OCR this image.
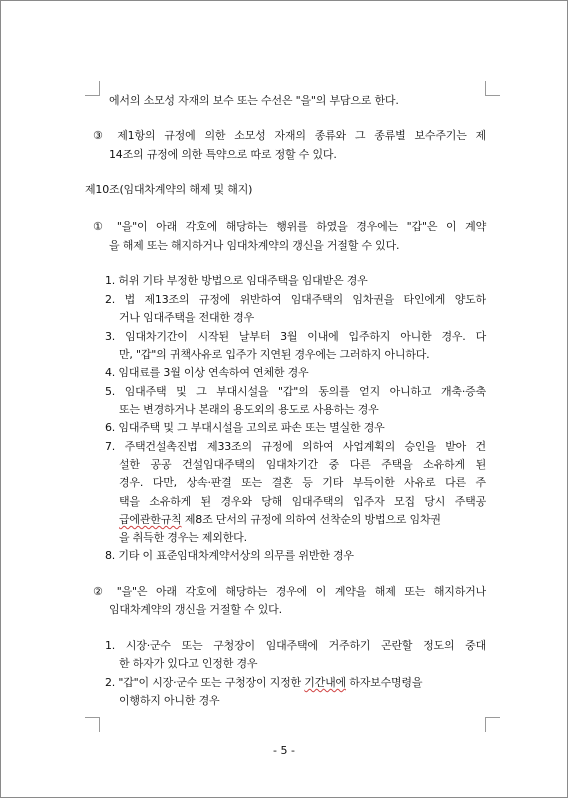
에서의 소모성 자재의 보수 또는 수선은 "을"의 부담으로 한다.
③ 제1항의 규정에 의한 소모성 자재의 종류와 그 종류별 보수주기는 제
14조의 규정에 의한 특약으로 따로 정할 수 있다.
제10조(임대차계약의 해제 및 해지)
① "을"이 아래 각호에 해당하는 행위를 하였을 경우에는 "갑"은 이 계약
을 해제 또는 해지하거나 임대차계약의 갱신을 거절할 수 있다.
1. 허위 기타 부정한 방법으로 임대주택을 임대받은 경우
2. 법 제13조의 규정에 위반하여 임대주택의 임차권을 타인에게 양도하
거나 임대주택을 전대한 경우
3. 임대차기간이 시작된 날부터 3월 이내에 입주하지 아니한 경우. 다
만, "갑"의 귀책사유로 입주가 지연된 경우에는 그러하지 아니하다.
4. 임대료를 3월 이상 연속하여 연체한 경우
5. 임대주택 및 그 부대시설을 "갑"의 동의를 얻지 아니하고 개축·증축
또는 변경하거나 본래의 용도외의 용도로 사용하는 경우
6. 임대주택 및 그 부대시설을 고의로 파손 또는 멸실한 경우
7. 주택건설촉진법 제33조의 규정에 의하여 사업계획의 승인을 받아 건
설한 공공 건설임대주택의 임대차기간 중 다른 주택을 소유하게 된
경우. 다만, 상속·판결 또는 결혼 등 기타 부득이한 사유로 다른 주
택을 소유하게 된 경우와 당해 임대주택의 입주자 모집 당시 주택공
급에관한규칙 제8조 단서의 규정에 의하여 선착순의 방법으로 임차권
을 취득한 경우는 제외한다.
8. 기타 이 표준임대차계약서상의 의무를 위반한 경우
② "을"은 아래 각호에 해당하는 경우에 이 계약을 해제 또는 해지하거나
임대차계약의 갱신을 거절할 수 있다.
1. 시장·군수 또는 구청장이 임대주택에 거주하기 곤란할 정도의 중대
한 하자가 있다고 인정한 경우
2. "갑"이 시장·군수 또는 구청장이 지정한 기간내에 하자보수명령을
이행하지 아니한 경우
- 5 -
